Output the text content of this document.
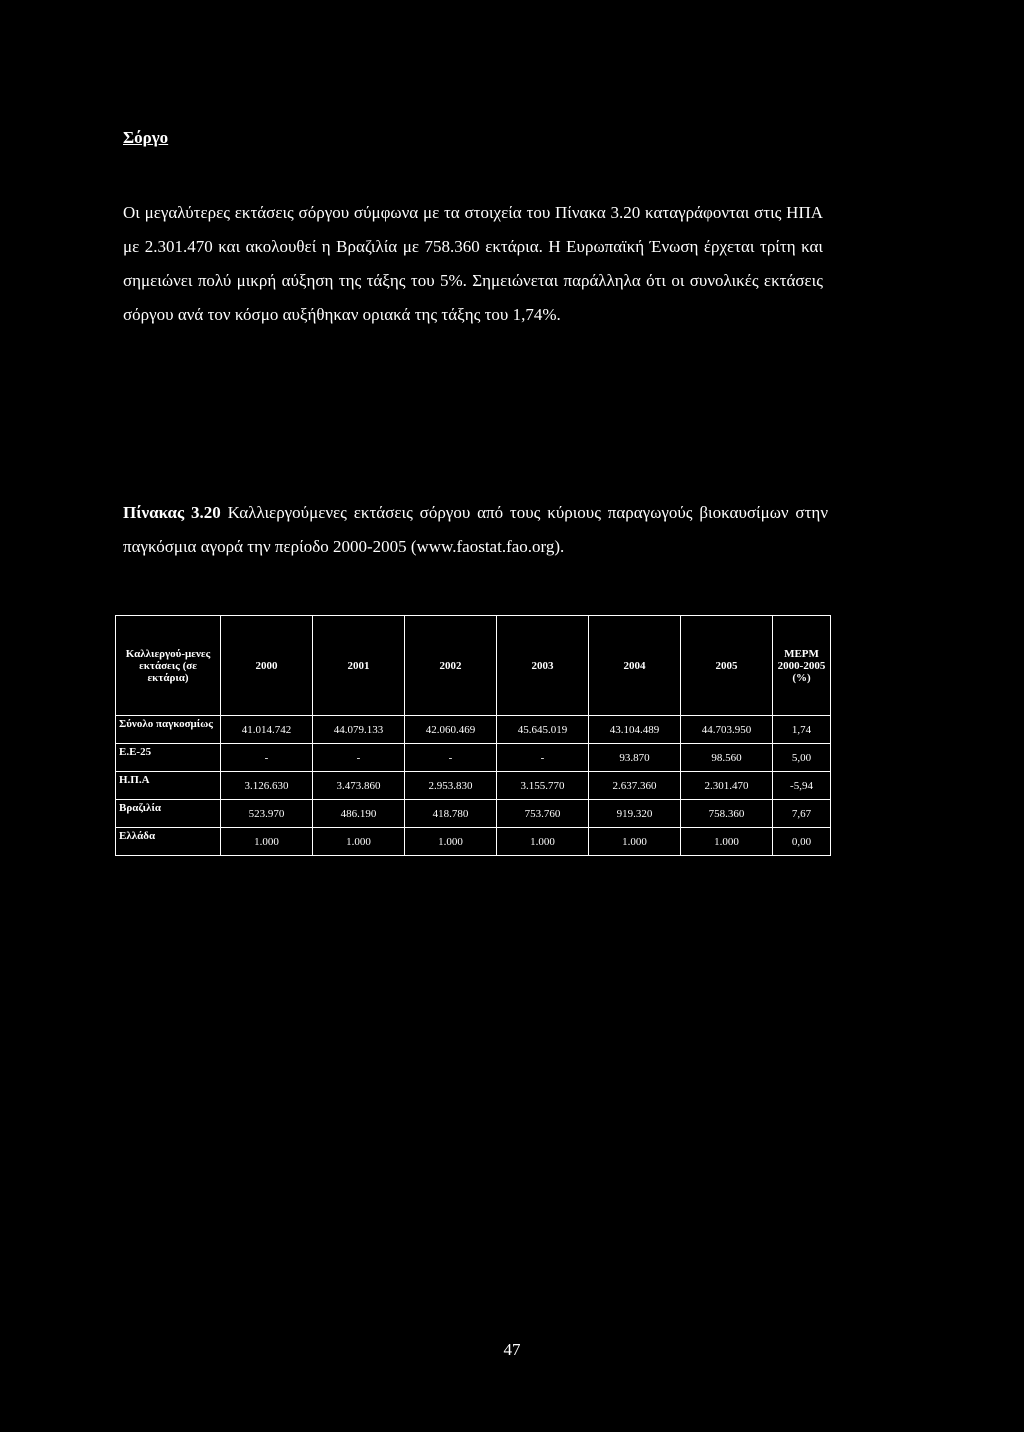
Σόργο
Οι μεγαλύτερες εκτάσεις σόργου σύμφωνα με τα στοιχεία του Πίνακα 3.20 καταγράφονται στις ΗΠΑ με 2.301.470 και ακολουθεί η Βραζιλία με 758.360 εκτάρια. Η Ευρωπαϊκή Ένωση έρχεται τρίτη και σημειώνει πολύ μικρή αύξηση της τάξης του 5%. Σημειώνεται παράλληλα ότι οι συνολικές εκτάσεις σόργου ανά τον κόσμο αυξήθηκαν οριακά της τάξης του 1,74%.
Πίνακας 3.20 Καλλιεργούμενες εκτάσεις σόργου από τους κύριους παραγωγούς βιοκαυσίμων στην παγκόσμια αγορά την περίοδο 2000-2005 (www.faostat.fao.org).
Καλλιεργού-μενες εκτάσεις (σε εκτάρια)	2000	2001	2002	2003	2004	2005	ΜΕΡΜ 2000-2005 (%)
Σύνολο παγκοσμίως	41.014.742	44.079.133	42.060.469	45.645.019	43.104.489	44.703.950	1,74
Ε.Ε-25	-	-	-	-	93.870	98.560	5,00
Η.Π.Α	3.126.630	3.473.860	2.953.830	3.155.770	2.637.360	2.301.470	-5,94
Βραζιλία	523.970	486.190	418.780	753.760	919.320	758.360	7,67
Ελλάδα	1.000	1.000	1.000	1.000	1.000	1.000	0,00
47
